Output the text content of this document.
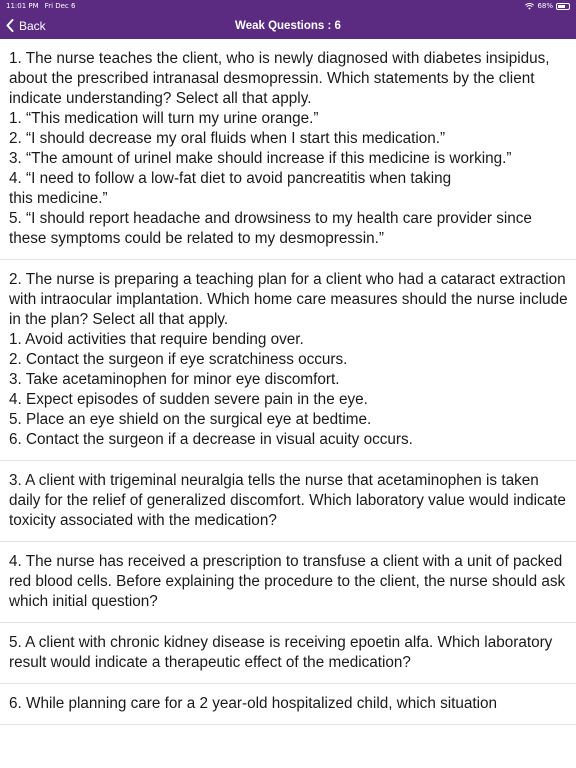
11:01 PM Fri Dec 6	68%
Back	Weak Questions : 6
1. The nurse teaches the client, who is newly diagnosed with diabetes insipidus, about the prescribed intranasal desmopressin. Which statements by the client indicate understanding? Select all that apply.
1. “This medication will turn my urine orange.”
2. “I should decrease my oral fluids when I start this medication.”
3. “The amount of urinel make should increase if this medicine is working.”
4. “I need to follow a low-fat diet to avoid pancreatitis when taking
this medicine.”
5. “I should report headache and drowsiness to my health care provider since these symptoms could be related to my desmopressin.”
2. The nurse is preparing a teaching plan for a client who had a cataract extraction with intraocular implantation. Which home care measures should the nurse include in the plan? Select all that apply.
1. Avoid activities that require bending over.
2. Contact the surgeon if eye scratchiness occurs.
3. Take acetaminophen for minor eye discomfort.
4. Expect episodes of sudden severe pain in the eye.
5. Place an eye shield on the surgical eye at bedtime.
6. Contact the surgeon if a decrease in visual acuity occurs.
3. A client with trigeminal neuralgia tells the nurse that acetaminophen is taken daily for the relief of generalized discomfort. Which laboratory value would indicate toxicity associated with the medication?
4. The nurse has received a prescription to transfuse a client with a unit of packed red blood cells. Before explaining the procedure to the client, the nurse should ask which initial question?
5. A client with chronic kidney disease is receiving epoetin alfa. Which laboratory result would indicate a therapeutic effect of the medication?
6. While planning care for a 2 year-old hospitalized child, which situation
